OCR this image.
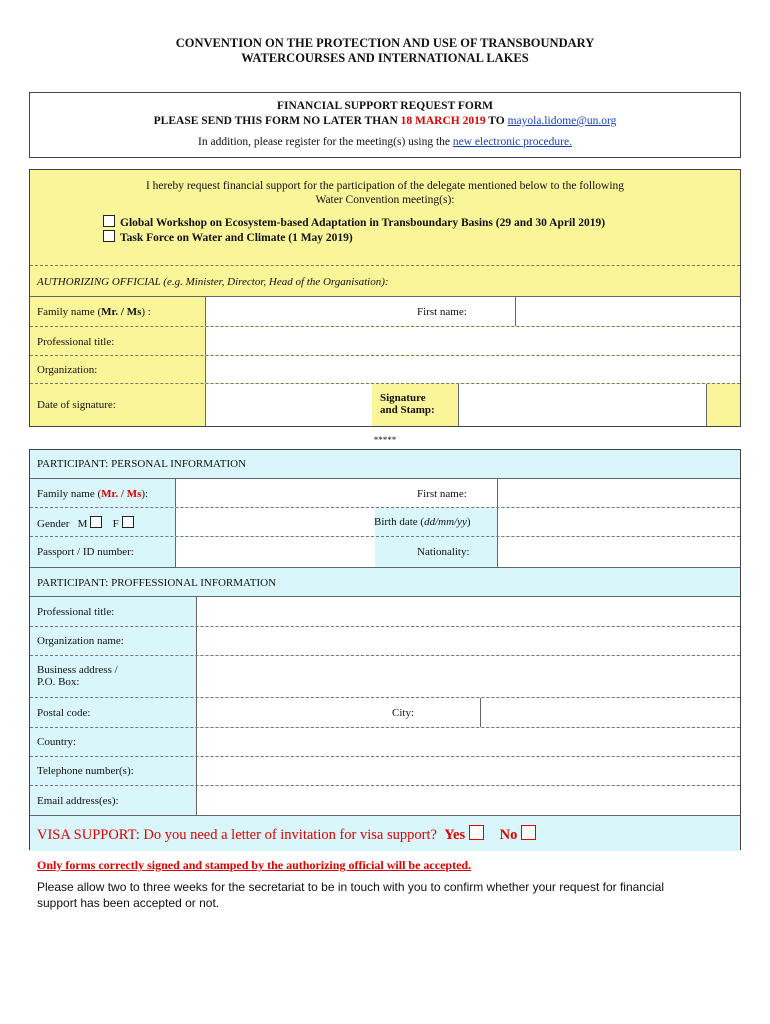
CONVENTION ON THE PROTECTION AND USE OF TRANSBOUNDARY
WATERCOURSES AND INTERNATIONAL LAKES
FINANCIAL SUPPORT REQUEST FORM
PLEASE SEND THIS FORM NO LATER THAN 18 MARCH 2019 TO mayola.lidome@un.org
In addition, please register for the meeting(s) using the new electronic procedure.
I hereby request financial support for the participation of the delegate mentioned below to the following
Water Convention meeting(s):
Global Workshop on Ecosystem-based Adaptation in Transboundary Basins (29 and 30 April 2019)
Task Force on Water and Climate (1 May 2019)
AUTHORIZING OFFICIAL (e.g. Minister, Director, Head of the Organisation):
Family name (Mr. / Ms) :	First name:
Professional title:
Organization:
Date of signature:
Signature
and Stamp:
*****
PARTICIPANT: PERSONAL INFORMATION
Family name (Mr. / Ms):	First name:
Gender M F	Birth date (dd/mm/yy)
Passport / ID number:	Nationality:
PARTICIPANT: PROFFESSIONAL INFORMATION
Professional title:
Organization name:
Business address /
P.O. Box:
Postal code:	City:
Country:
Telephone number(s):
Email address(es):
VISA SUPPORT: Do you need a letter of invitation for visa support? Yes No
Only forms correctly signed and stamped by the authorizing official will be accepted.
Please allow two to three weeks for the secretariat to be in touch with you to confirm whether your request for financial
support has been accepted or not.
